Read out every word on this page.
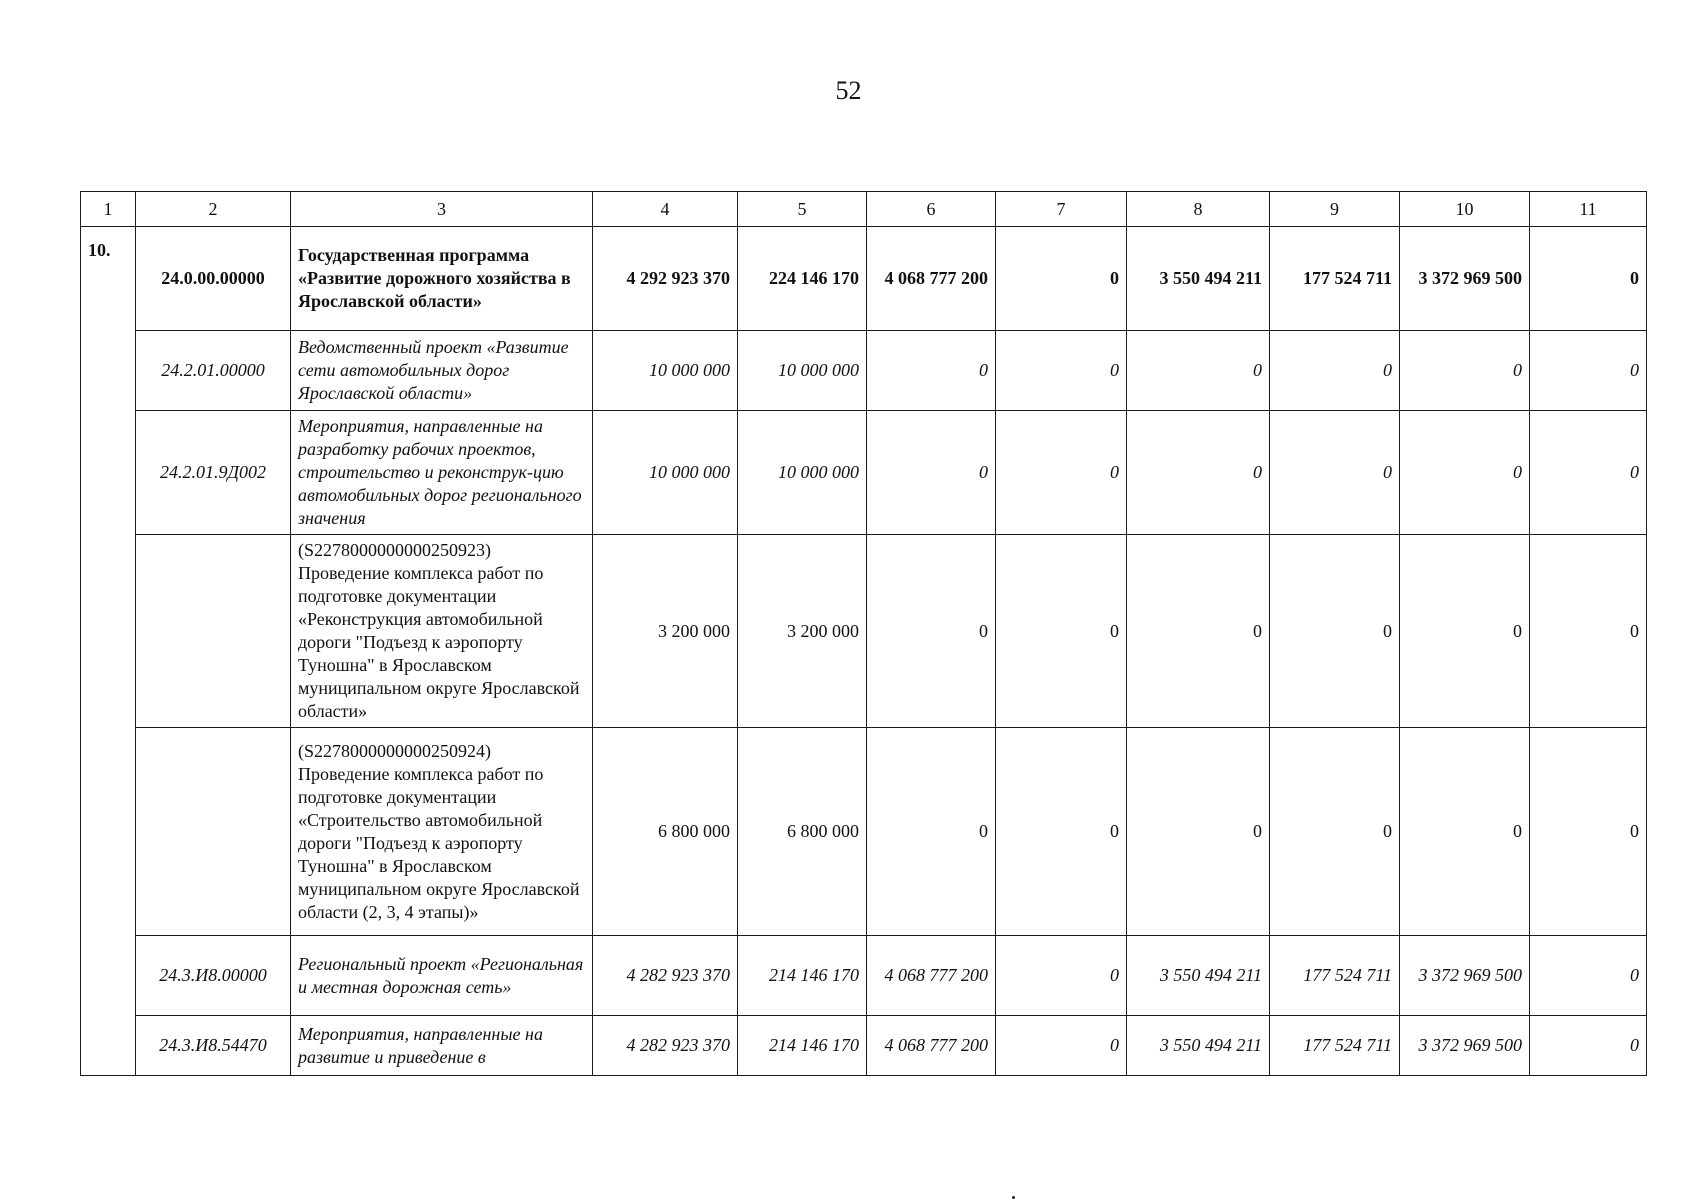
52
1	2	3	4	5	6	7	8	9	10	11
10.	24.0.00.00000	Государственная программа «Развитие дорожного хозяйства в Ярославской области»	4 292 923 370	224 146 170	4 068 777 200	0	3 550 494 211	177 524 711	3 372 969 500	0
	24.2.01.00000	Ведомственный проект «Развитие сети автомобильных дорог Ярославской области»	10 000 000	10 000 000	0	0	0	0	0	0
	24.2.01.9Д002	Мероприятия, направленные на разработку рабочих проектов, строительство и реконструк-цию автомобильных дорог регионального значения	10 000 000	10 000 000	0	0	0	0	0	0
		(S2278000000000250923) Проведение комплекса работ по подготовке документации «Реконструкция автомобильной дороги "Подъезд к аэропорту Туношна" в Ярославском муниципальном округе Ярославской области»	3 200 000	3 200 000	0	0	0	0	0	0
		(S2278000000000250924) Проведение комплекса работ по подготовке документации «Строительство автомобильной дороги "Подъезд к аэропорту Туношна" в Ярославском муниципальном округе Ярославской области (2, 3, 4 этапы)»	6 800 000	6 800 000	0	0	0	0	0	0
	24.3.И8.00000	Региональный проект «Региональная и местная дорожная сеть»	4 282 923 370	214 146 170	4 068 777 200	0	3 550 494 211	177 524 711	3 372 969 500	0
	24.3.И8.54470	Мероприятия, направленные на развитие и приведение в	4 282 923 370	214 146 170	4 068 777 200	0	3 550 494 211	177 524 711	3 372 969 500	0
